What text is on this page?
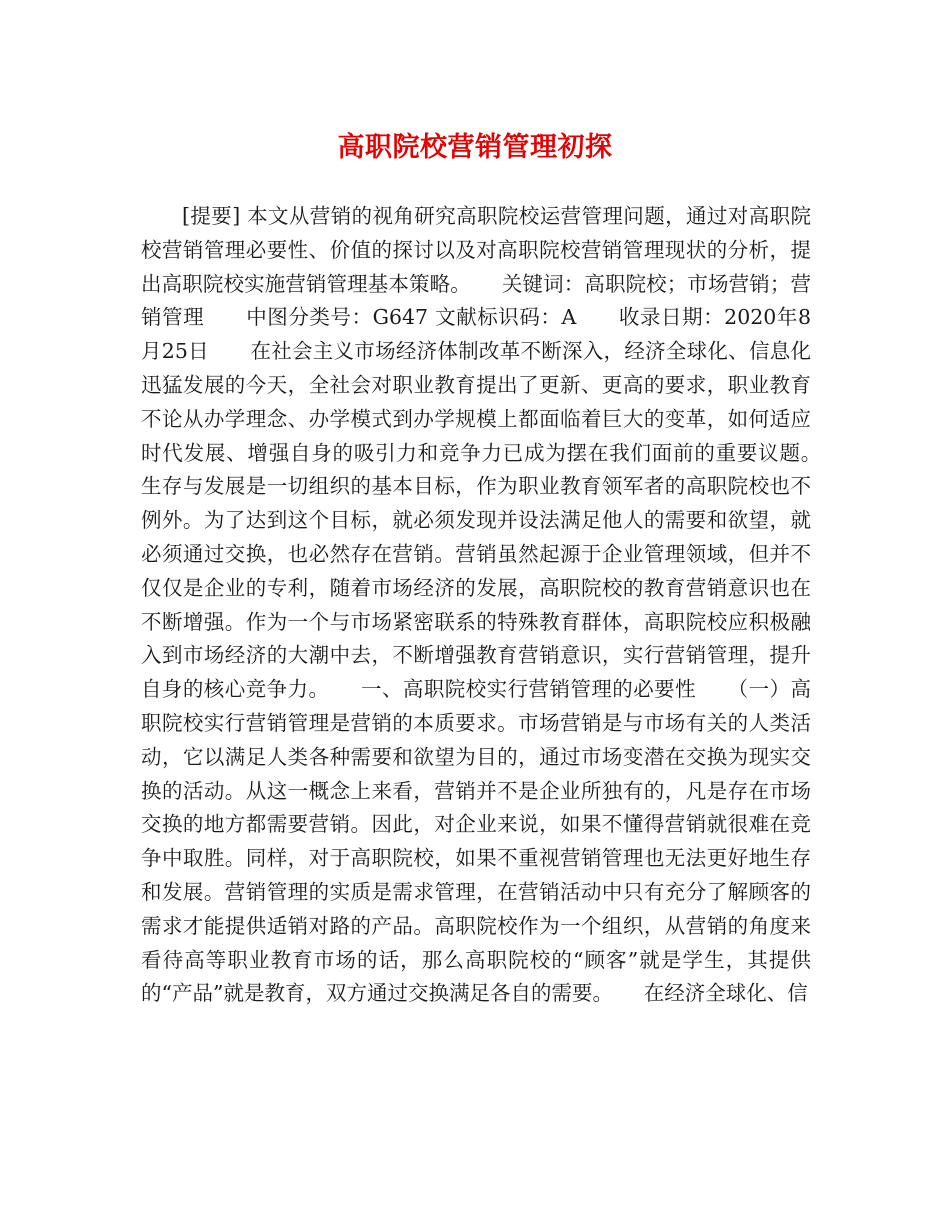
高职院校营销管理初探

[提要] 本文从营销的视角研究高职院校运营管理问题，通过对高职院校营销管理必要性、价值的探讨以及对高职院校营销管理现状的分析，提出高职院校实施营销管理基本策略。　　关键词：高职院校；市场营销；营销管理　　中图分类号：G647 文献标识码：A　　收录日期：2020年8月25日　　在社会主义市场经济体制改革不断深入，经济全球化、信息化迅猛发展的今天，全社会对职业教育提出了更新、更高的要求，职业教育不论从办学理念、办学模式到办学规模上都面临着巨大的变革，如何适应时代发展、增强自身的吸引力和竞争力已成为摆在我们面前的重要议题。　　生存与发展是一切组织的基本目标，作为职业教育领军者的高职院校也不例外。为了达到这个目标，就必须发现并设法满足他人的需要和欲望，就必须通过交换，也必然存在营销。营销虽然起源于企业管理领域，但并不仅仅是企业的专利，随着市场经济的发展，高职院校的教育营销意识也在不断增强。作为一个与市场紧密联系的特殊教育群体，高职院校应积极融入到市场经济的大潮中去，不断增强教育营销意识，实行营销管理，提升自身的核心竞争力。　　一、高职院校实行营销管理的必要性　　（一）高职院校实行营销管理是营销的本质要求。市场营销是与市场有关的人类活动，它以满足人类各种需要和欲望为目的，通过市场变潜在交换为现实交换的活动。从这一概念上来看，营销并不是企业所独有的，凡是存在市场交换的地方都需要营销。因此，对企业来说，如果不懂得营销就很难在竞争中取胜。同样，对于高职院校，如果不重视营销管理也无法更好地生存和发展。营销管理的实质是需求管理，在营销活动中只有充分了解顾客的需求才能提供适销对路的产品。高职院校作为一个组织，从营销的角度来看待高等职业教育市场的话，那么高职院校的“顾客”就是学生，其提供的“产品”就是教育，双方通过交换满足各自的需要。　　在经济全球化、信
